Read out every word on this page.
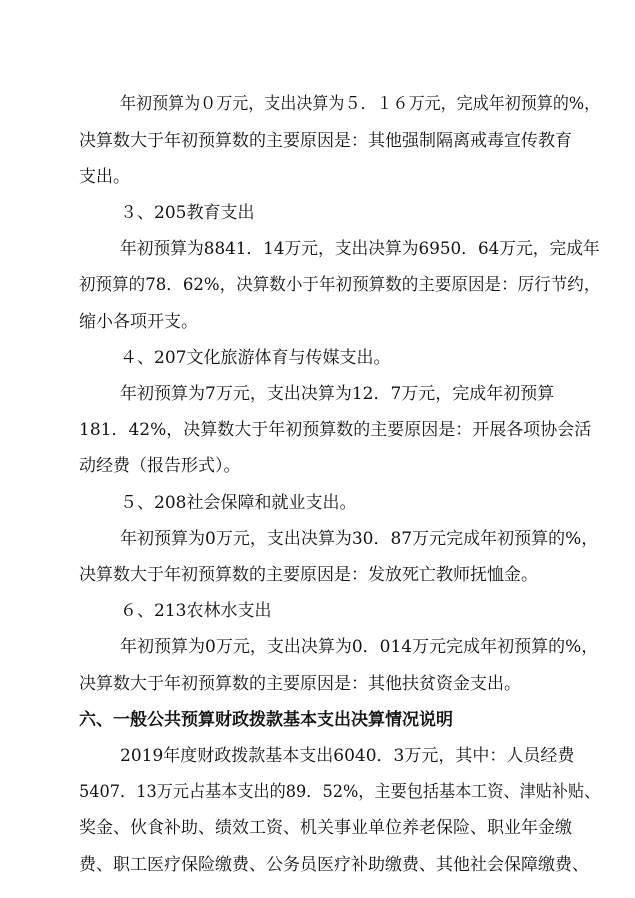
年初预算为０万元，支出决算为５．１６万元，完成年初预算的%，
决算数大于年初预算数的主要原因是：其他强制隔离戒毒宣传教育
支出。
３、205教育支出
年初预算为8841．14万元，支出决算为6950．64万元，完成年
初预算的78．62%，决算数小于年初预算数的主要原因是：厉行节约，
缩小各项开支。
４、207文化旅游体育与传媒支出。
年初预算为7万元，支出决算为12．7万元，完成年初预算
181．42%，决算数大于年初预算数的主要原因是：开展各项协会活
动经费（报告形式）。
５、208社会保障和就业支出。
年初预算为0万元，支出决算为30．87万元完成年初预算的%，
决算数大于年初预算数的主要原因是：发放死亡教师抚恤金。
６、213农林水支出
年初预算为0万元，支出决算为0．014万元完成年初预算的%，
决算数大于年初预算数的主要原因是：其他扶贫资金支出。
六、一般公共预算财政拨款基本支出决算情况说明
2019年度财政拨款基本支出6040．3万元，其中：人员经费
5407．13万元占基本支出的89．52%，主要包括基本工资、津贴补贴、
奖金、伙食补助、绩效工资、机关事业单位养老保险、职业年金缴
费、职工医疗保险缴费、公务员医疗补助缴费、其他社会保障缴费、
